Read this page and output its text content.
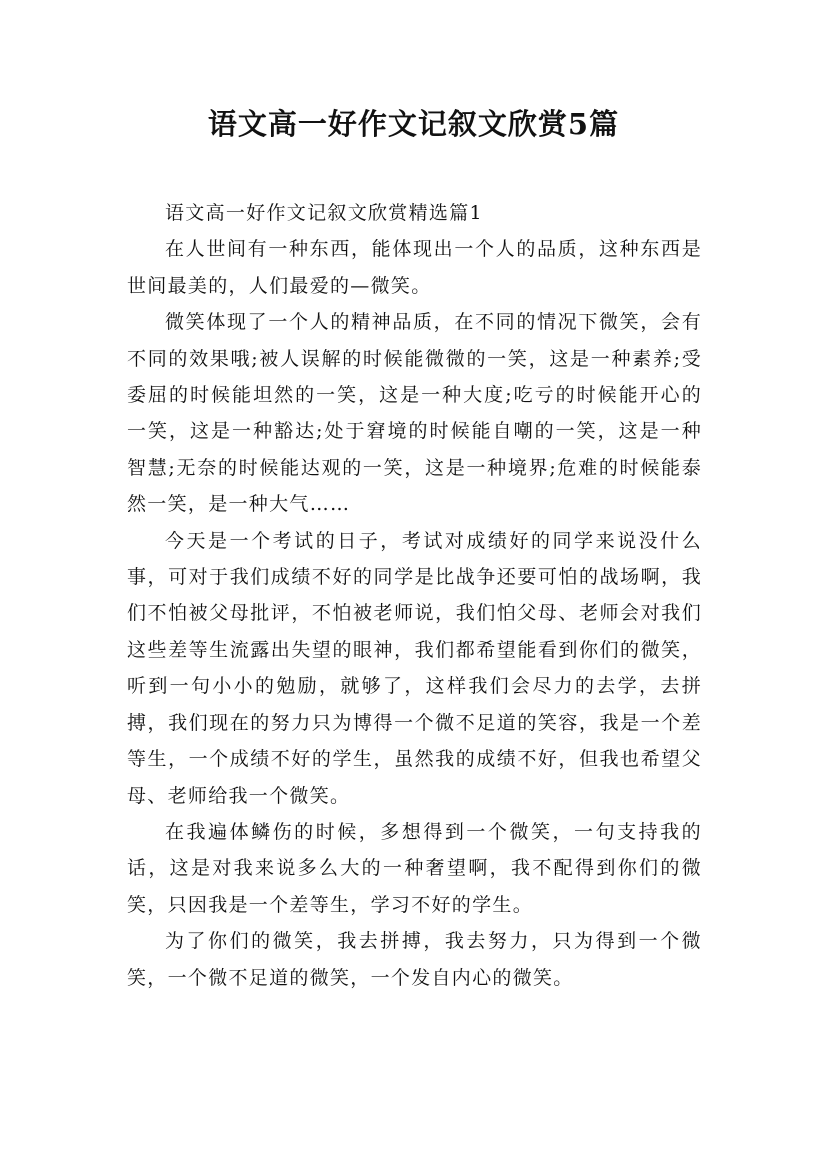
语文高一好作文记叙文欣赏5篇

语文高一好作文记叙文欣赏精选篇1

在人世间有一种东西，能体现出一个人的品质，这种东西是世间最美的，人们最爱的—微笑。

微笑体现了一个人的精神品质，在不同的情况下微笑，会有不同的效果哦;被人误解的时候能微微的一笑，这是一种素养;受委屈的时候能坦然的一笑，这是一种大度;吃亏的时候能开心的一笑，这是一种豁达;处于窘境的时候能自嘲的一笑，这是一种智慧;无奈的时候能达观的一笑，这是一种境界;危难的时候能泰然一笑，是一种大气……

今天是一个考试的日子，考试对成绩好的同学来说没什么事，可对于我们成绩不好的同学是比战争还要可怕的战场啊，我们不怕被父母批评，不怕被老师说，我们怕父母、老师会对我们这些差等生流露出失望的眼神，我们都希望能看到你们的微笑，听到一句小小的勉励，就够了，这样我们会尽力的去学，去拼搏，我们现在的努力只为博得一个微不足道的笑容，我是一个差等生，一个成绩不好的学生，虽然我的成绩不好，但我也希望父母、老师给我一个微笑。

在我遍体鳞伤的时候，多想得到一个微笑，一句支持我的话，这是对我来说多么大的一种奢望啊，我不配得到你们的微笑，只因我是一个差等生，学习不好的学生。

为了你们的微笑，我去拼搏，我去努力，只为得到一个微笑，一个微不足道的微笑，一个发自内心的微笑。
